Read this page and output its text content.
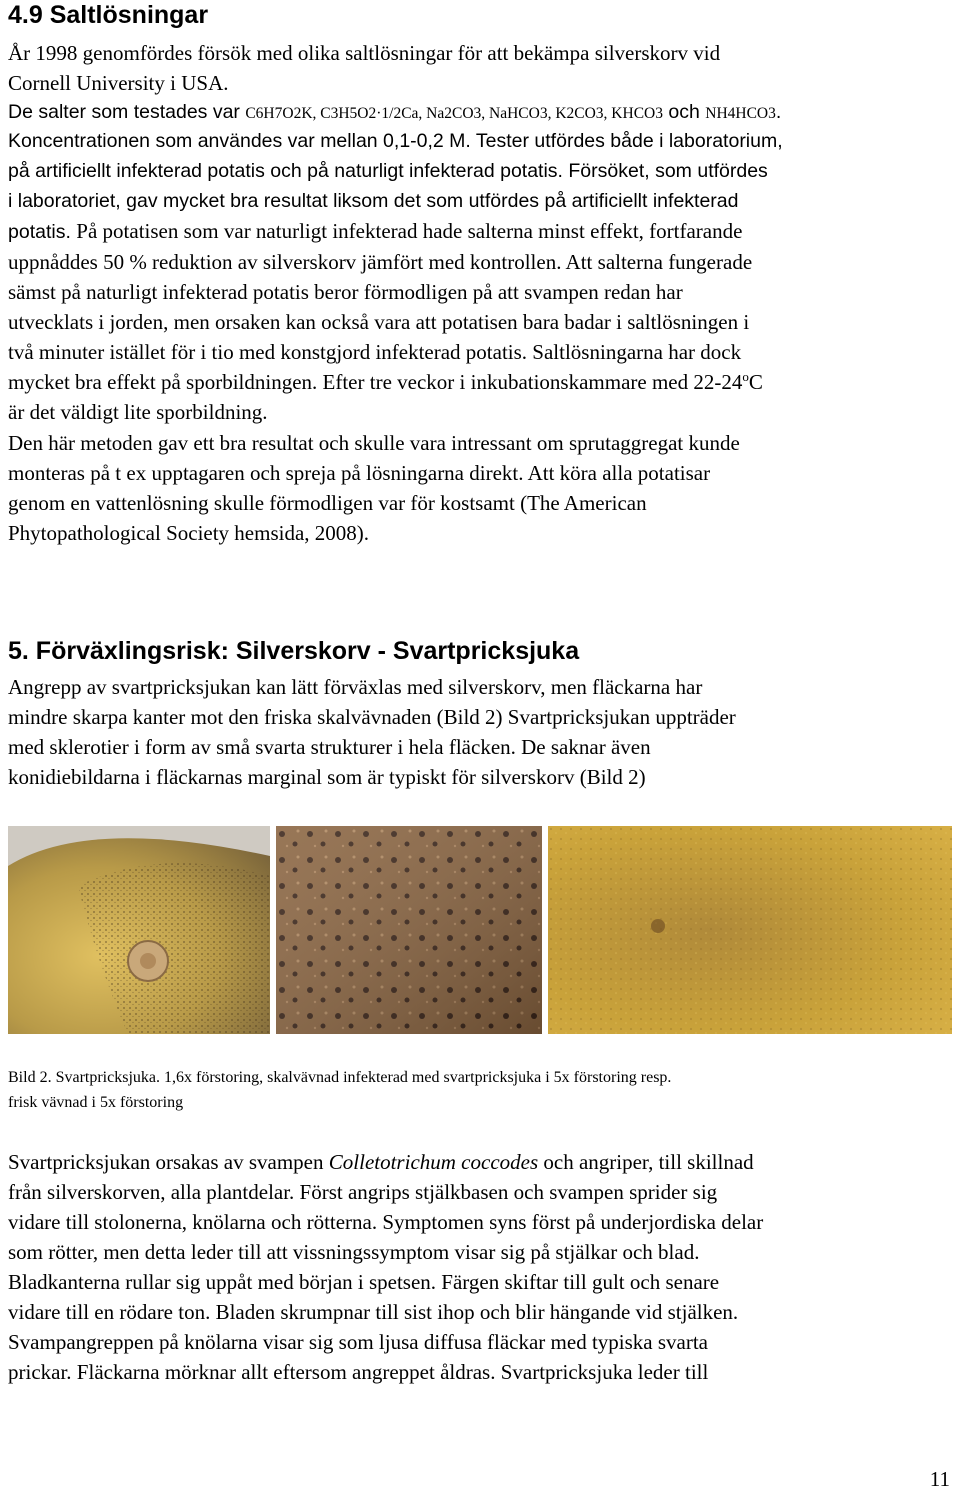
4.9 Saltlösningar
År 1998 genomfördes försök med olika saltlösningar för att bekämpa silverskorv vid
Cornell University i USA.
De salter som testades var C6H7O2K, C3H5O2·1/2Ca, Na2CO3, NaHCO3, K2CO3, KHCO3 och NH4HCO3.
Koncentrationen som användes var mellan 0,1-0,2 M. Tester utfördes både i laboratorium,
på artificiellt infekterad potatis och på naturligt infekterad potatis. Försöket, som utfördes
i laboratoriet, gav mycket bra resultat liksom det som utfördes på artificiellt infekterad
potatis. På potatisen som var naturligt infekterad hade salterna minst effekt, fortfarande
uppnåddes 50 % reduktion av silverskorv jämfört med kontrollen. Att salterna fungerade
sämst på naturligt infekterad potatis beror förmodligen på att svampen redan har
utvecklats i jorden, men orsaken kan också vara att potatisen bara badar i saltlösningen i
två minuter istället för i tio med konstgjord infekterad potatis. Saltlösningarna har dock
mycket bra effekt på sporbildningen. Efter tre veckor i inkubationskammare med 22-24$^o$C
är det väldigt lite sporbildning.
Den här metoden gav ett bra resultat och skulle vara intressant om sprutaggregat kunde
monteras på t ex upptagaren och spreja på lösningarna direkt. Att köra alla potatisar
genom en vattenlösning skulle förmodligen var för kostsamt (The American
Phytopathological Society hemsida, 2008).
5. Förväxlingsrisk: Silverskorv - Svartpricksjuka
Angrepp av svartpricksjukan kan lätt förväxlas med silverskorv, men fläckarna har
mindre skarpa kanter mot den friska skalvävnaden (Bild 2) Svartpricksjukan uppträder
med sklerotier i form av små svarta strukturer i hela fläcken. De saknar även
konidiebildarna i fläckarnas marginal som är typiskt för silverskorv (Bild 2)
Bild 2. Svartpricksjuka. 1,6x förstoring, skalvävnad infekterad med svartpricksjuka i 5x förstoring resp.
frisk vävnad i 5x förstoring
Svartpricksjukan orsakas av svampen Colletotrichum coccodes och angriper, till skillnad
från silverskorven, alla plantdelar. Först angrips stjälkbasen och svampen sprider sig
vidare till stolonerna, knölarna och rötterna. Symptomen syns först på underjordiska delar
som rötter, men detta leder till att vissningssymptom visar sig på stjälkar och blad.
Bladkanterna rullar sig uppåt med början i spetsen. Färgen skiftar till gult och senare
vidare till en rödare ton. Bladen skrumpnar till sist ihop och blir hängande vid stjälken.
Svampangreppen på knölarna visar sig som ljusa diffusa fläckar med typiska svarta
prickar. Fläckarna mörknar allt eftersom angreppet åldras. Svartpricksjuka leder till
11
